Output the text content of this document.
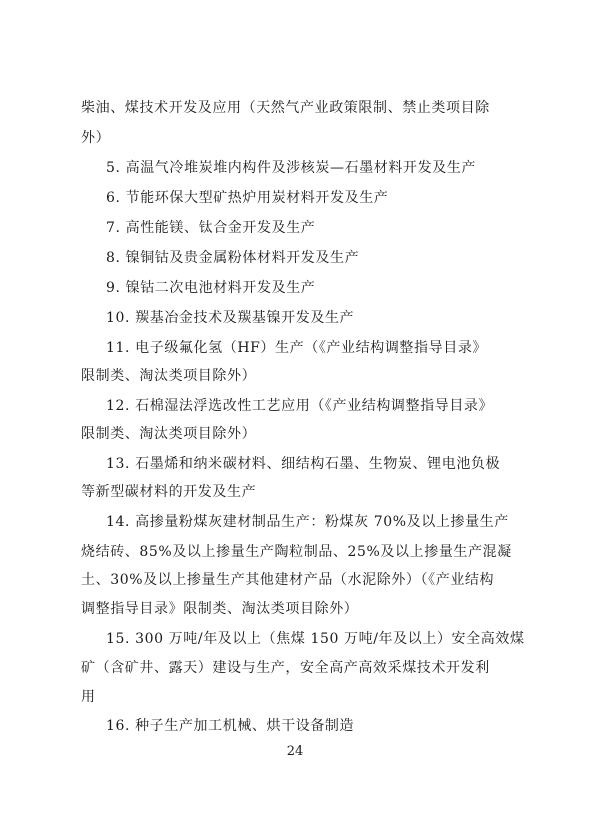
柴油、煤技术开发及应用（天然气产业政策限制、禁止类项目除
外）
5. 高温气冷堆炭堆内构件及涉核炭—石墨材料开发及生产
6. 节能环保大型矿热炉用炭材料开发及生产
7. 高性能镁、钛合金开发及生产
8. 镍铜钴及贵金属粉体材料开发及生产
9. 镍钴二次电池材料开发及生产
10. 羰基冶金技术及羰基镍开发及生产
11. 电子级氟化氢（HF）生产（《产业结构调整指导目录》
限制类、淘汰类项目除外）
12. 石棉湿法浮选改性工艺应用（《产业结构调整指导目录》
限制类、淘汰类项目除外）
13. 石墨烯和纳米碳材料、细结构石墨、生物炭、锂电池负极
等新型碳材料的开发及生产
14. 高掺量粉煤灰建材制品生产：粉煤灰 70%及以上掺量生产
烧结砖、85%及以上掺量生产陶粒制品、25%及以上掺量生产混凝
土、30%及以上掺量生产其他建材产品（水泥除外）（《产业结构
调整指导目录》限制类、淘汰类项目除外）
15. 300 万吨/年及以上（焦煤 150 万吨/年及以上）安全高效煤
矿（含矿井、露天）建设与生产，安全高产高效采煤技术开发利
用
16. 种子生产加工机械、烘干设备制造
24
